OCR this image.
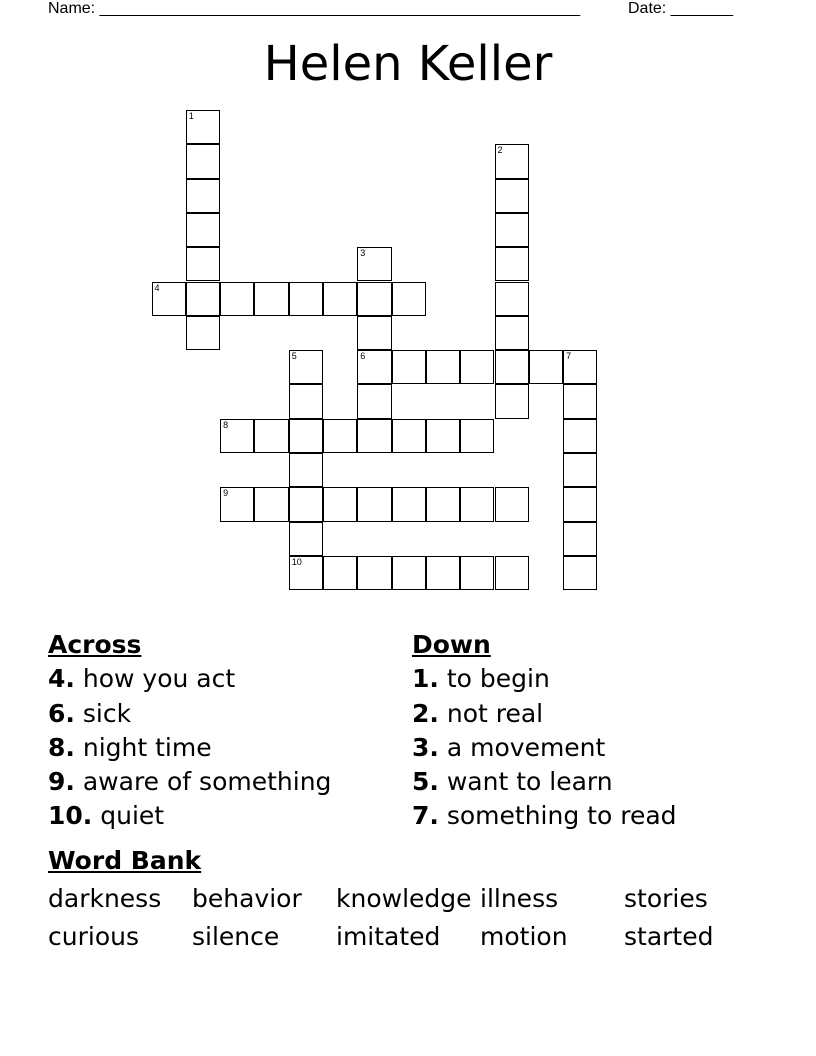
Name: ______________________________________________________	Date: _______
Helen Keller
1
2
3
6
4
5
10
7
8
9
Across
4. how you act
6. sick
8. night time
9. aware of something
10. quiet
Down
1. to begin
2. not real
3. a movement
5. want to learn
7. something to read
Word Bank
darkness	behavior	knowledge illness	stories
curious	silence	imitated	motion	started
